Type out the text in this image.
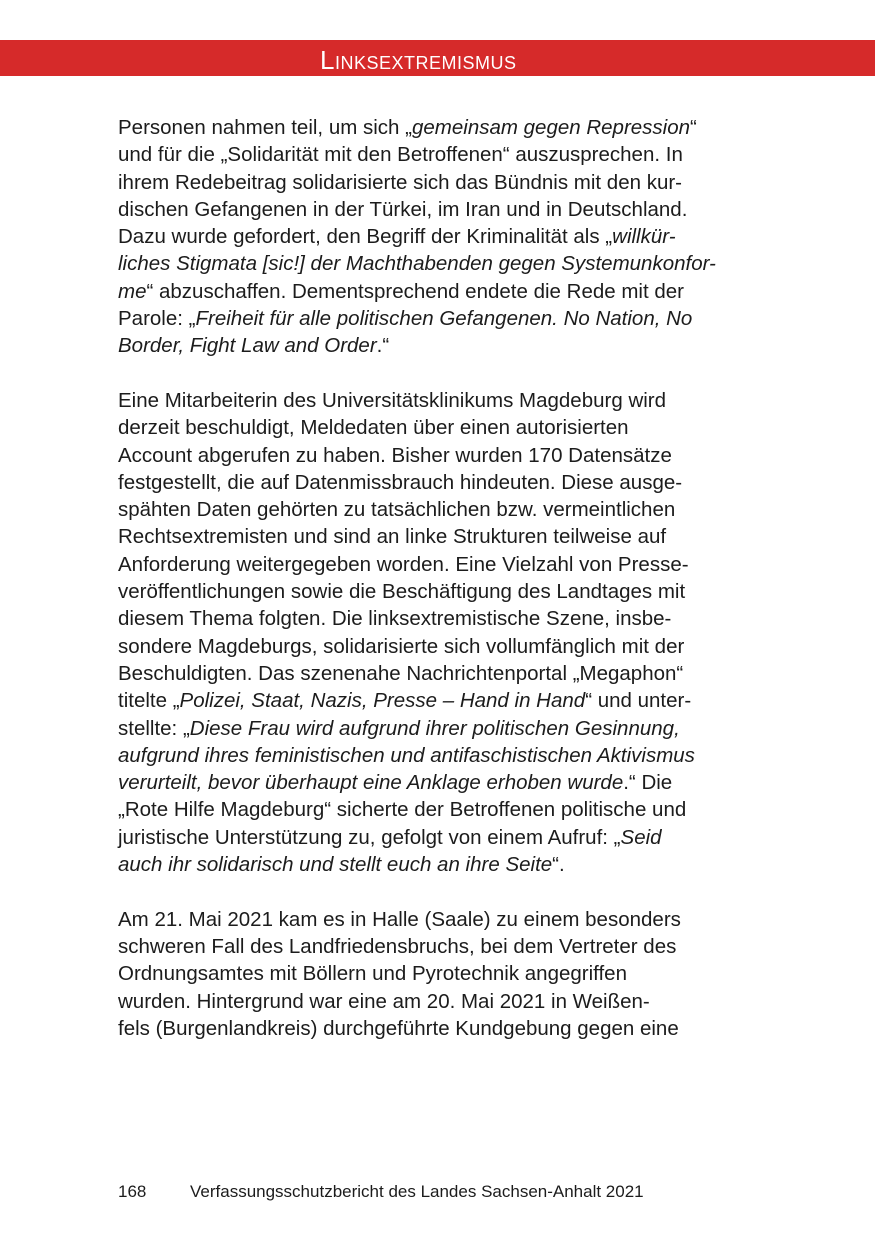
Linksextremismus
Personen nahmen teil, um sich „gemeinsam gegen Repression“
und für die „Solidarität mit den Betroffenen“ auszusprechen. In
ihrem Redebeitrag solidarisierte sich das Bündnis mit den kur-
dischen Gefangenen in der Türkei, im Iran und in Deutschland.
Dazu wurde gefordert, den Begriff der Kriminalität als „willkür-
liches Stigmata [sic!] der Machthabenden gegen Systemunkonfor-
me“ abzuschaffen. Dementsprechend endete die Rede mit der
Parole: „Freiheit für alle politischen Gefangenen. No Nation, No
Border, Fight Law and Order.“
Eine Mitarbeiterin des Universitätsklinikums Magdeburg wird
derzeit beschuldigt, Meldedaten über einen autorisierten
Account abgerufen zu haben. Bisher wurden 170 Datensätze
festgestellt, die auf Datenmissbrauch hindeuten. Diese ausge-
spähten Daten gehörten zu tatsächlichen bzw. vermeintlichen
Rechtsextremisten und sind an linke Strukturen teilweise auf
Anforderung weitergegeben worden. Eine Vielzahl von Presse-
veröffentlichungen sowie die Beschäftigung des Landtages mit
diesem Thema folgten. Die linksextremistische Szene, insbe-
sondere Magdeburgs, solidarisierte sich vollumfänglich mit der
Beschuldigten. Das szenenahe Nachrichtenportal „Megaphon“
titelte „Polizei, Staat, Nazis, Presse – Hand in Hand“ und unter-
stellte: „Diese Frau wird aufgrund ihrer politischen Gesinnung,
aufgrund ihres feministischen und antifaschistischen Aktivismus
verurteilt, bevor überhaupt eine Anklage erhoben wurde.“ Die
„Rote Hilfe Magdeburg“ sicherte der Betroffenen politische und
juristische Unterstützung zu, gefolgt von einem Aufruf: „Seid
auch ihr solidarisch und stellt euch an ihre Seite“.
Am 21. Mai 2021 kam es in Halle (Saale) zu einem besonders
schweren Fall des Landfriedensbruchs, bei dem Vertreter des
Ordnungsamtes mit Böllern und Pyrotechnik angegriffen
wurden. Hintergrund war eine am 20. Mai 2021 in Weißen-
fels (Burgenlandkreis) durchgeführte Kundgebung gegen eine
168	Verfassungsschutzbericht des Landes Sachsen-Anhalt 2021
